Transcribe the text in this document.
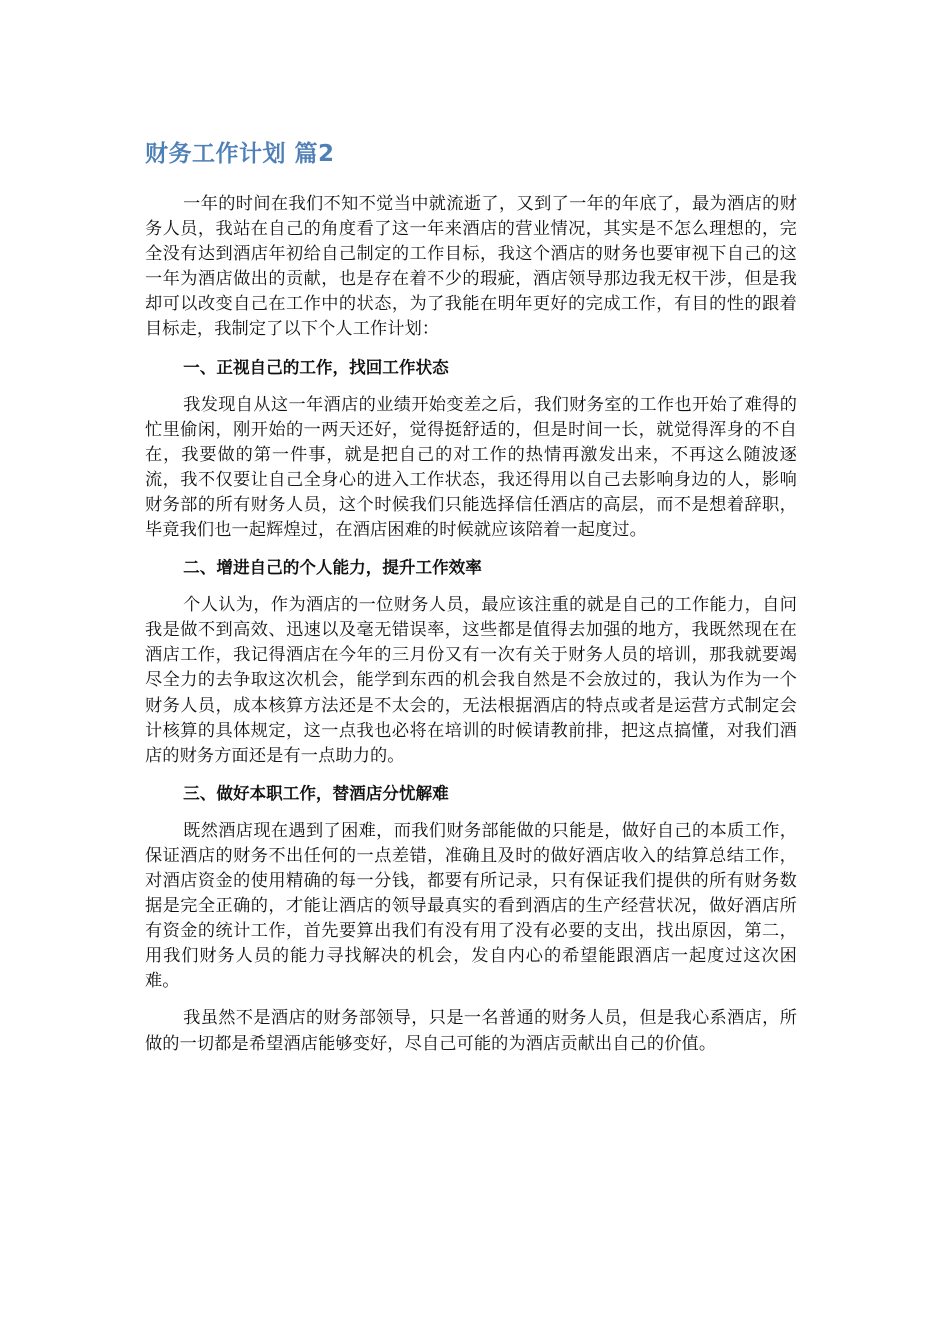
财务工作计划 篇2

一年的时间在我们不知不觉当中就流逝了，又到了一年的年底了，最为酒店的财务人员，我站在自己的角度看了这一年来酒店的营业情况，其实是不怎么理想的，完全没有达到酒店年初给自己制定的工作目标，我这个酒店的财务也要审视下自己的这一年为酒店做出的贡献，也是存在着不少的瑕疵，酒店领导那边我无权干涉，但是我却可以改变自己在工作中的状态，为了我能在明年更好的完成工作，有目的性的跟着目标走，我制定了以下个人工作计划：

一、正视自己的工作，找回工作状态

我发现自从这一年酒店的业绩开始变差之后，我们财务室的工作也开始了难得的忙里偷闲，刚开始的一两天还好，觉得挺舒适的，但是时间一长，就觉得浑身的不自在，我要做的第一件事，就是把自己的对工作的热情再激发出来，不再这么随波逐流，我不仅要让自己全身心的进入工作状态，我还得用以自己去影响身边的人，影响财务部的所有财务人员，这个时候我们只能选择信任酒店的高层，而不是想着辞职，毕竟我们也一起辉煌过，在酒店困难的时候就应该陪着一起度过。

二、增进自己的个人能力，提升工作效率

个人认为，作为酒店的一位财务人员，最应该注重的就是自己的工作能力，自问我是做不到高效、迅速以及毫无错误率，这些都是值得去加强的地方，我既然现在在酒店工作，我记得酒店在今年的三月份又有一次有关于财务人员的培训，那我就要竭尽全力的去争取这次机会，能学到东西的机会我自然是不会放过的，我认为作为一个财务人员，成本核算方法还是不太会的，无法根据酒店的特点或者是运营方式制定会计核算的具体规定，这一点我也必将在培训的时候请教前排，把这点搞懂，对我们酒店的财务方面还是有一点助力的。

三、做好本职工作，替酒店分忧解难

既然酒店现在遇到了困难，而我们财务部能做的只能是，做好自己的本质工作，保证酒店的财务不出任何的一点差错，准确且及时的做好酒店收入的结算总结工作，对酒店资金的使用精确的每一分钱，都要有所记录，只有保证我们提供的所有财务数据是完全正确的，才能让酒店的领导最真实的看到酒店的生产经营状况，做好酒店所有资金的统计工作，首先要算出我们有没有用了没有必要的支出，找出原因，第二，用我们财务人员的能力寻找解决的机会，发自内心的希望能跟酒店一起度过这次困难。

我虽然不是酒店的财务部领导，只是一名普通的财务人员，但是我心系酒店，所做的一切都是希望酒店能够变好，尽自己可能的为酒店贡献出自己的价值。
